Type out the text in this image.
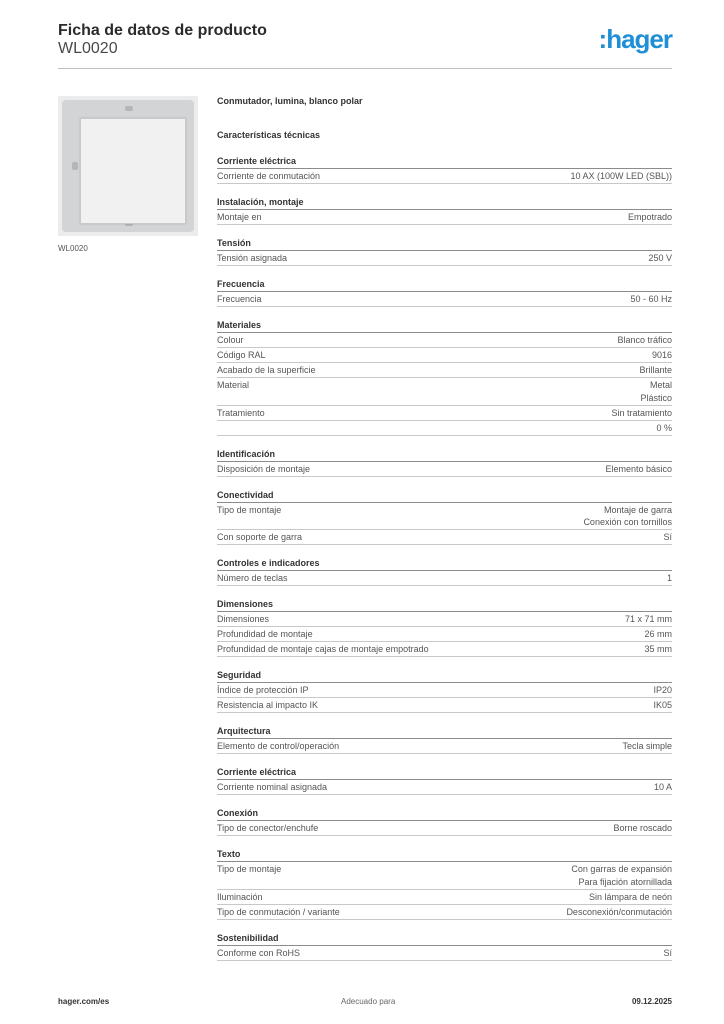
Ficha de datos de producto
WL0020	:hager
WL0020
Conmutador, lumina, blanco polar
Características técnicas
Corriente eléctrica
Corriente de conmutación	10 AX (100W LED (SBL))
Instalación, montaje
Montaje en	Empotrado
Tensión
Tensión asignada	250 V
Frecuencia
Frecuencia	50 - 60 Hz
Materiales
Colour	Blanco tráfico
Código RAL	9016
Acabado de la superficie	Brillante
Material	Metal
Plástico
Tratamiento	Sin tratamiento
0 %
Identificación
Disposición de montaje	Elemento básico
Conectividad
Tipo de montaje	Montaje de garra
Conexión con tornillos
Con soporte de garra	Sí
Controles e indicadores
Número de teclas	1
Dimensiones
Dimensiones	71 x 71 mm
Profundidad de montaje	26 mm
Profundidad de montaje cajas de montaje empotrado	35 mm
Seguridad
Índice de protección IP	IP20
Resistencia al impacto IK	IK05
Arquitectura
Elemento de control/operación	Tecla simple
Corriente eléctrica
Corriente nominal asignada	10 A
Conexión
Tipo de conector/enchufe	Borne roscado
Texto
Tipo de montaje	Con garras de expansión
Para fijación atornillada
Iluminación	Sin lámpara de neón
Tipo de conmutación / variante	Desconexión/conmutación
Sostenibilidad
Conforme con RoHS	Sí
hager.com/es	Adecuado para	09.12.2025
